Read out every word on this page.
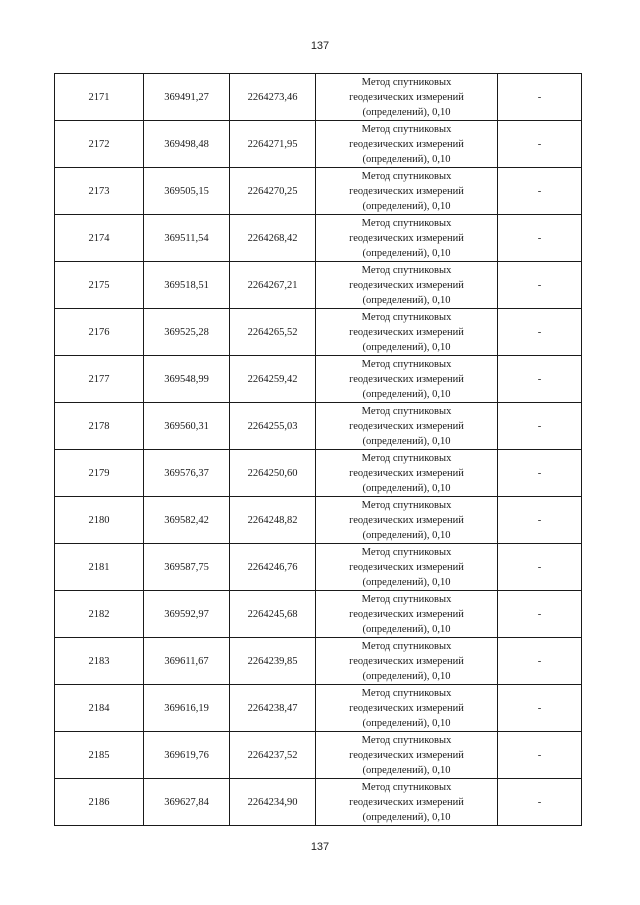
137
2171	369491,27	2264273,46	Метод спутниковых
геодезических измерений
(определений), 0,10	-
2172	369498,48	2264271,95	Метод спутниковых
геодезических измерений
(определений), 0,10	-
2173	369505,15	2264270,25	Метод спутниковых
геодезических измерений
(определений), 0,10	-
2174	369511,54	2264268,42	Метод спутниковых
геодезических измерений
(определений), 0,10	-
2175	369518,51	2264267,21	Метод спутниковых
геодезических измерений
(определений), 0,10	-
2176	369525,28	2264265,52	Метод спутниковых
геодезических измерений
(определений), 0,10	-
2177	369548,99	2264259,42	Метод спутниковых
геодезических измерений
(определений), 0,10	-
2178	369560,31	2264255,03	Метод спутниковых
геодезических измерений
(определений), 0,10	-
2179	369576,37	2264250,60	Метод спутниковых
геодезических измерений
(определений), 0,10	-
2180	369582,42	2264248,82	Метод спутниковых
геодезических измерений
(определений), 0,10	-
2181	369587,75	2264246,76	Метод спутниковых
геодезических измерений
(определений), 0,10	-
2182	369592,97	2264245,68	Метод спутниковых
геодезических измерений
(определений), 0,10	-
2183	369611,67	2264239,85	Метод спутниковых
геодезических измерений
(определений), 0,10	-
2184	369616,19	2264238,47	Метод спутниковых
геодезических измерений
(определений), 0,10	-
2185	369619,76	2264237,52	Метод спутниковых
геодезических измерений
(определений), 0,10	-
2186	369627,84	2264234,90	Метод спутниковых
геодезических измерений
(определений), 0,10	-
137
